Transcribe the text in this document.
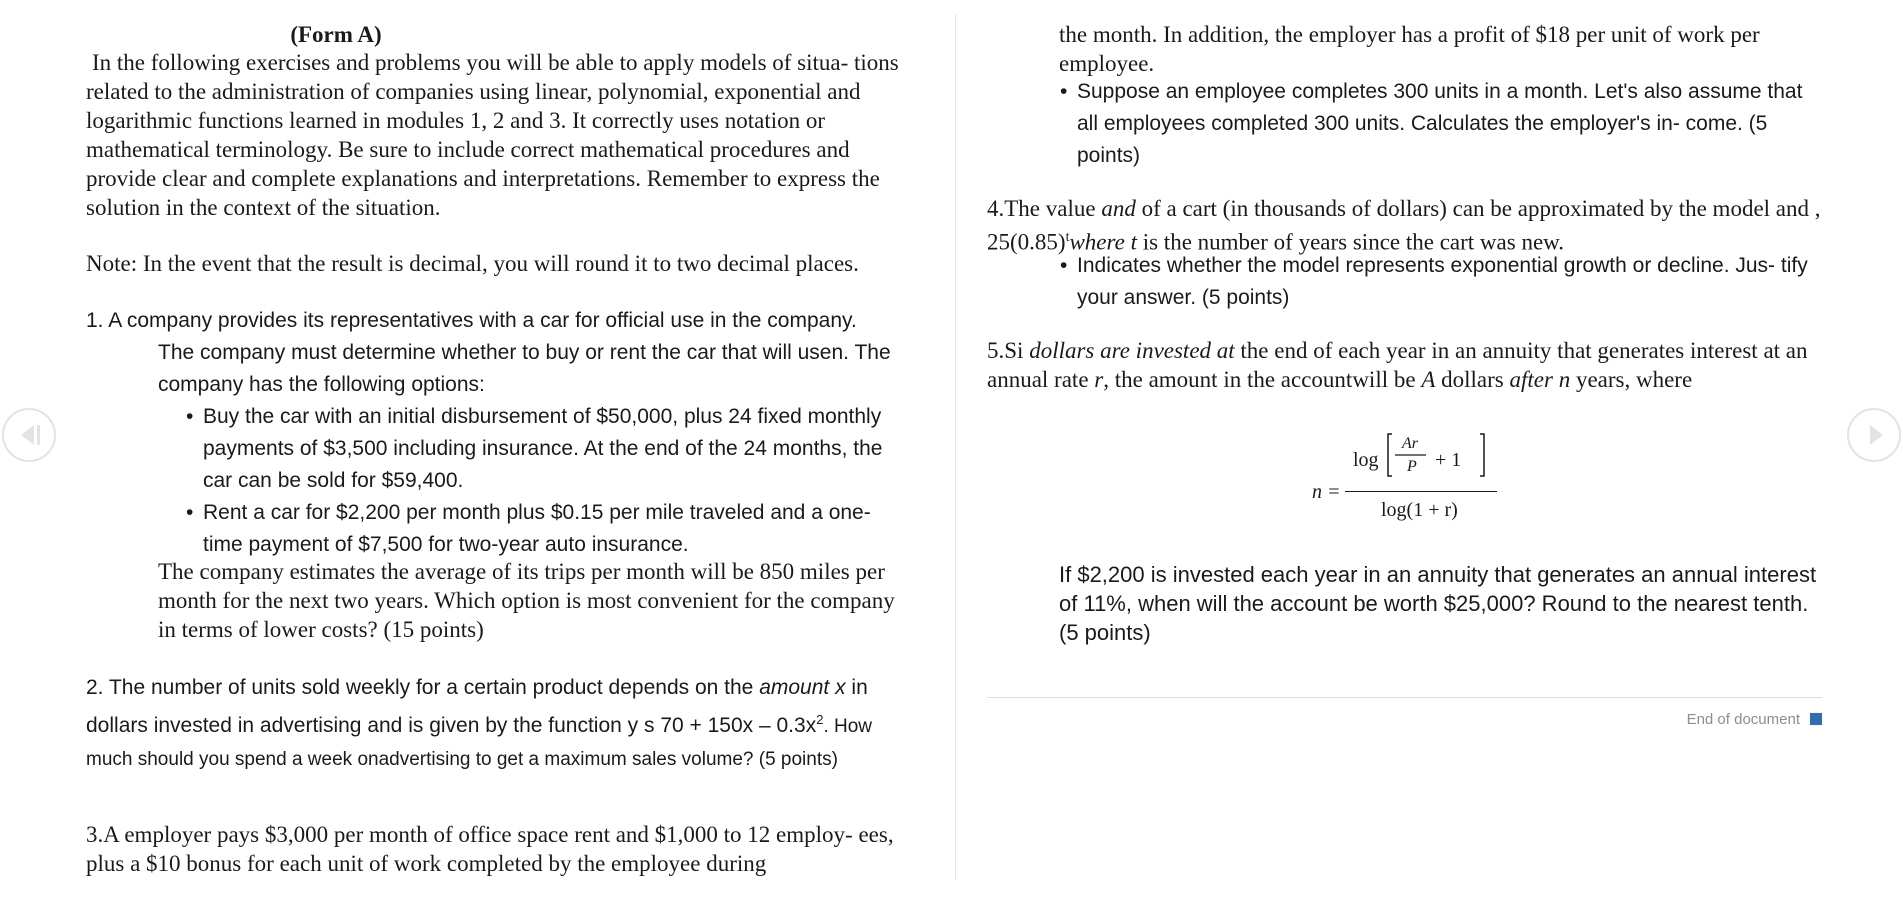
(Form A)
In the following exercises and problems you will be able to apply models of situa- tions related to the administration of companies using linear, polynomial, exponential and logarithmic functions learned in modules 1, 2 and 3. It correctly uses notation or mathematical terminology. Be sure to include correct mathematical procedures and provide clear and complete explanations and interpretations. Remember to express the solution in the context of the situation.
Note: In the event that the result is decimal, you will round it to two decimal places.
1. A company provides its representatives with a car for official use in the company.
The company must determine whether to buy or rent the car that will usen. The company has the following options:
• Buy the car with an initial disbursement of $50,000, plus 24 fixed monthly payments of $3,500 including insurance. At the end of the 24 months, the car can be sold for $59,400.
• Rent a car for $2,200 per month plus $0.15 per mile traveled and a one- time payment of $7,500 for two-year auto insurance.
The company estimates the average of its trips per month will be 850 miles per month for the next two years. Which option is most convenient for the company in terms of lower costs? (15 points)
2. The number of units sold weekly for a certain product depends on the amount x in dollars invested in advertising and is given by the function y s $70 + 150x - 0.3x^2$. How much should you spend a week onadvertising to get a maximum sales volume? (5 points)
3.A employer pays $3,000 per month of office space rent and $1,000 to 12 employ- ees, plus a $10 bonus for each unit of work completed by the employee during
the month. In addition, the employer has a profit of $18 per unit of work per employee.
• Suppose an employee completes 300 units in a month. Let's also assume that all employees completed 300 units. Calculates the employer's in- come. (5 points)
4.The value and of a cart (in thousands of dollars) can be approximated by the model and , $25(0.85)^twhere$ t is the number of years since the cart was new.
• Indicates whether the model represents exponential growth or decline. Jus- tify your answer. (5 points)
5.Si dollars are invested at the end of each year in an annuity that generates interest at an annual rate r, the amount in the accountwill be A dollars after n years, where
n =
log
Ar
P + 1
log(1 + r)
If $2,200 is invested each year in an annuity that generates an annual interest of 11%, when will the account be worth $25,000? Round to the nearest tenth. (5 points)
End of document
